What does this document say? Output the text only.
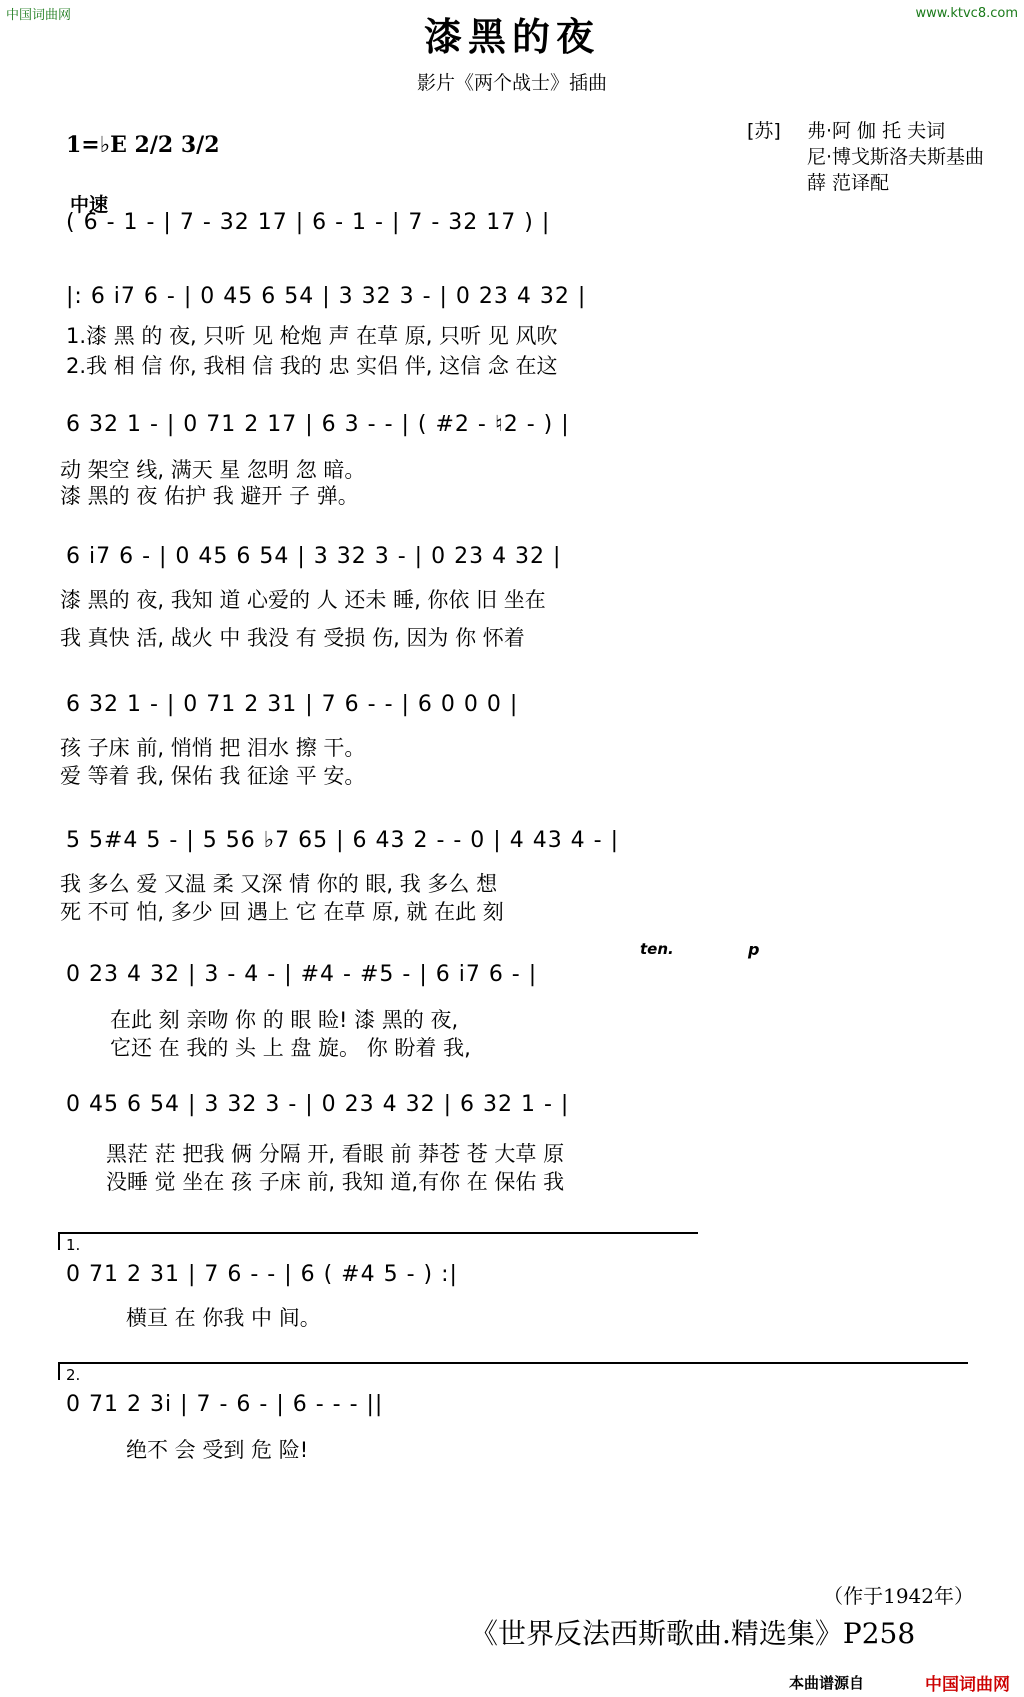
中国词曲网	www.ktvc8.com
漆黑的夜
影片《两个战士》插曲
1=♭E 2/2 3/2
[苏] 弗·阿 伽 托 夫词
尼·博戈斯洛夫斯基曲
薛 范译配
中速
( 6 - 1 - | 7 - 32 17 | 6 - 1 - | 7 - 32 17 ) |
|: 6 i7 6 - | 0 45 6 54 | 3 32 3 - | 0 23 4 32 |
1.漆 黑 的 夜, 只听 见 枪炮 声 在草 原, 只听 见 风吹
2.我 相 信 你, 我相 信 我的 忠 实侣 伴, 这信 念 在这
6 32 1 - | 0 71 2 17 | 6 3 - - | ( #2 - ♮2 - ) |
动 架空 线, 满天 星 忽明 忽 暗。
漆 黑的 夜 佑护 我 避开 子 弹。
6 i7 6 - | 0 45 6 54 | 3 32 3 - | 0 23 4 32 |
漆 黑的 夜, 我知 道 心爱的 人 还未 睡, 你依 旧 坐在
我 真快 活, 战火 中 我没 有 受损 伤, 因为 你 怀着
6 32 1 - | 0 71 2 31 | 7 6 - - | 6 0 0 0 |
孩 子床 前, 悄悄 把 泪水 擦 干。
爱 等着 我, 保佑 我 征途 平 安。
5 5#4 5 - | 5 56 ♭7 65 | 6 43 2 - - 0 | 4 43 4 - |
我 多么 爱 又温 柔 又深 情 你的 眼, 我 多么 想
死 不可 怕, 多少 回 遇上 它 在草 原, 就 在此 刻
ten.	p
0 23 4 32 | 3 - 4 - | #4 - #5 - | 6 i7 6 - |
在此 刻 亲吻 你 的 眼 睑! 漆 黑的 夜,
它还 在 我的 头 上 盘 旋。 你 盼着 我,
0 45 6 54 | 3 32 3 - | 0 23 4 32 | 6 32 1 - |
黑茫 茫 把我 俩 分隔 开, 看眼 前 莽苍 苍 大草 原
没睡 觉 坐在 孩 子床 前, 我知 道,有你 在 保佑 我
1.
0 71 2 31 | 7 6 - - | 6 ( #4 5 - ) :|
横亘 在 你我 中 间。
2.
0 71 2 3i | 7 - 6 - | 6 - - - ||
绝不 会 受到 危 险!
（作于1942年）
《世界反法西斯歌曲.精选集》P258
本曲谱源自	中国词曲网
